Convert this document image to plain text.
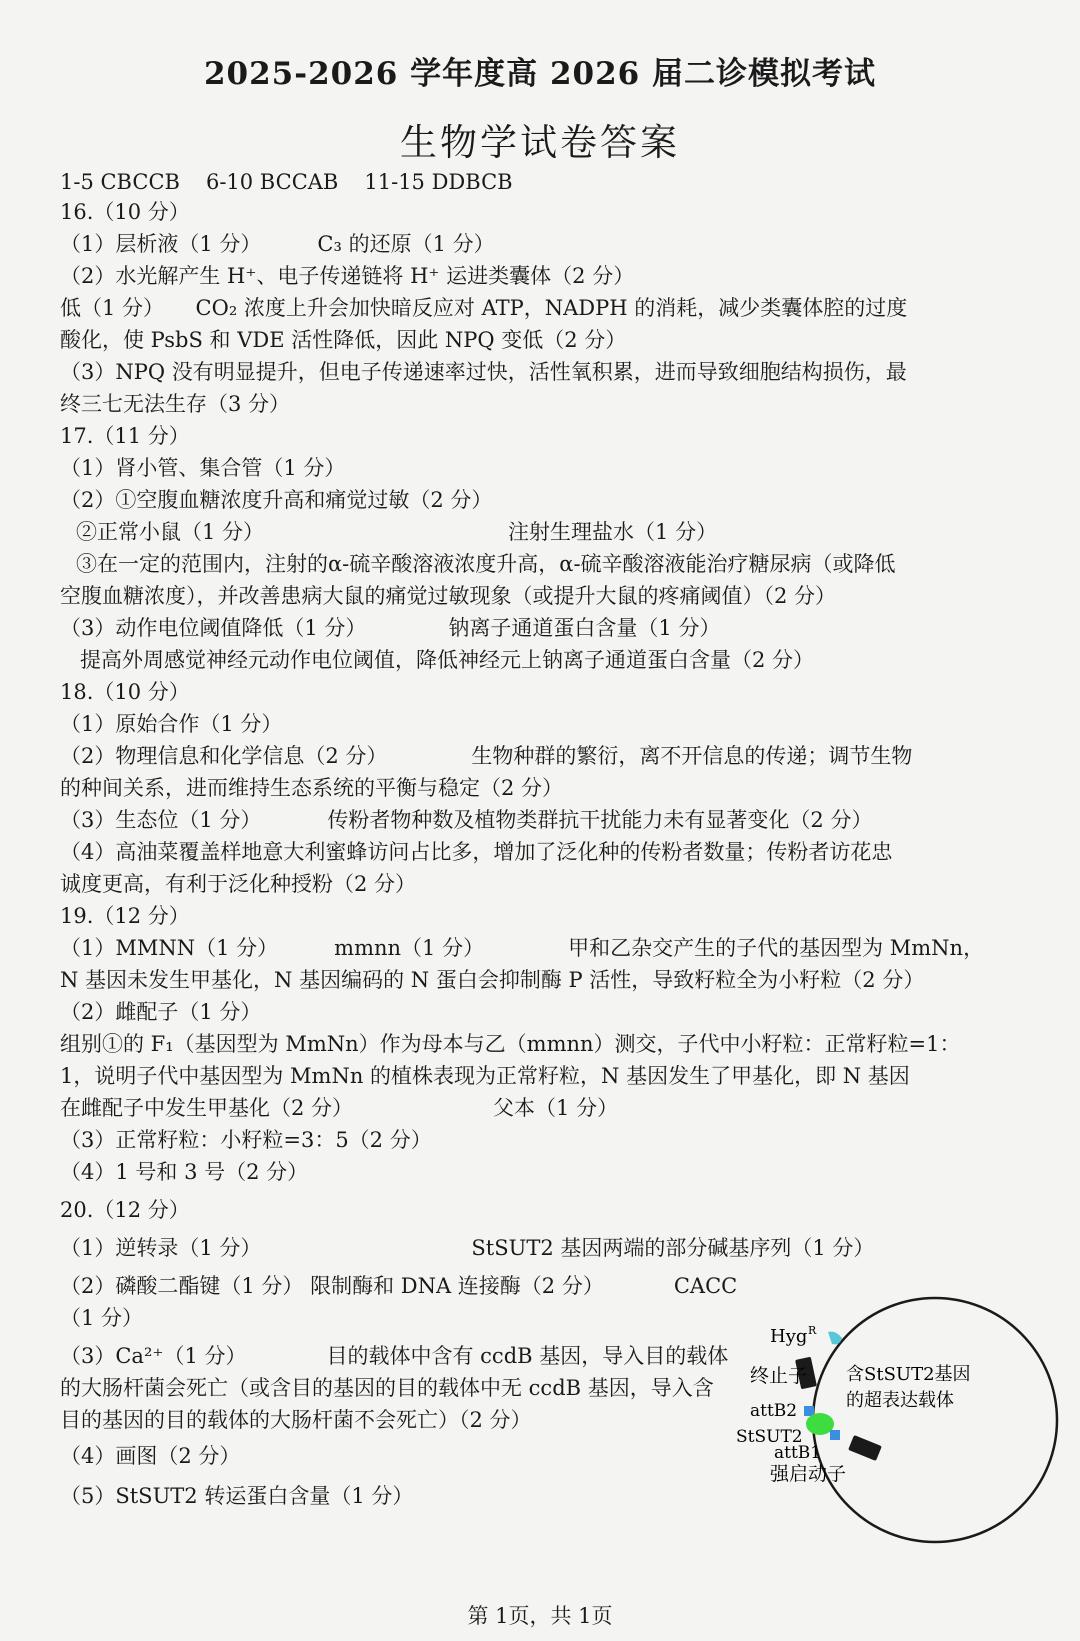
2025-2026 学年度高 2026 届二诊模拟考试
生物学试卷答案
1-5 CBCCB 6-10 BCCAB 11-15 DDBCB
16.（10 分）
（1）层析液（1 分）	C₃ 的还原（1 分）
（2）水光解产生 H⁺、电子传递链将 H⁺ 运进类囊体（2 分）
低（1 分）　　CO₂ 浓度上升会加快暗反应对 ATP，NADPH 的消耗，减少类囊体腔的过度
酸化，使 PsbS 和 VDE 活性降低，因此 NPQ 变低（2 分）
（3）NPQ 没有明显提升，但电子传递速率过快，活性氧积累，进而导致细胞结构损伤，最
终三七无法生存（3 分）
17.（11 分）
（1）肾小管、集合管（1 分）
（2）①空腹血糖浓度升高和痛觉过敏（2 分）
②正常小鼠（1 分）	注射生理盐水（1 分）
③在一定的范围内，注射的α-硫辛酸溶液浓度升高，α-硫辛酸溶液能治疗糖尿病（或降低
空腹血糖浓度），并改善患病大鼠的痛觉过敏现象（或提升大鼠的疼痛阈值）（2 分）
（3）动作电位阈值降低（1 分）	钠离子通道蛋白含量（1 分）
提高外周感觉神经元动作电位阈值，降低神经元上钠离子通道蛋白含量（2 分）
18.（10 分）
（1）原始合作（1 分）
（2）物理信息和化学信息（2 分）	生物种群的繁衍，离不开信息的传递；调节生物
的种间关系，进而维持生态系统的平衡与稳定（2 分）
（3）生态位（1 分）	传粉者物种数及植物类群抗干扰能力未有显著变化（2 分）
（4）高油菜覆盖样地意大利蜜蜂访问占比多，增加了泛化种的传粉者数量；传粉者访花忠
诚度更高，有利于泛化种授粉（2 分）
19.（12 分）
（1）MMNN（1 分）	mmnn（1 分）	甲和乙杂交产生的子代的基因型为 MmNn，
N 基因未发生甲基化，N 基因编码的 N 蛋白会抑制酶 P 活性，导致籽粒全为小籽粒（2 分）
（2）雌配子（1 分）
组别①的 F₁（基因型为 MmNn）作为母本与乙（mmnn）测交，子代中小籽粒：正常籽粒=1：
1，说明子代中基因型为 MmNn 的植株表现为正常籽粒，N 基因发生了甲基化，即 N 基因
在雌配子中发生甲基化（2 分）	父本（1 分）
（3）正常籽粒：小籽粒=3：5（2 分）
（4）1 号和 3 号（2 分）
20.（12 分）
（1）逆转录（1 分）	StSUT2 基因两端的部分碱基序列（1 分）
（2）磷酸二酯键（1 分） 限制酶和 DNA 连接酶（2 分）	CACC
（1 分）
（3）Ca²⁺（1 分）	目的载体中含有 ccdB 基因，导入目的载体
的大肠杆菌会死亡（或含目的基因的目的载体中无 ccdB 基因，导入含
目的基因的目的载体的大肠杆菌不会死亡）（2 分）
（4）画图（2 分）
（5）StSUT2 转运蛋白含量（1 分）
Hyg R
终止子 含StSUT2基因
的超表达载体
attB2
StSUT2
attB1
强启动子
第 1页，共 1页
